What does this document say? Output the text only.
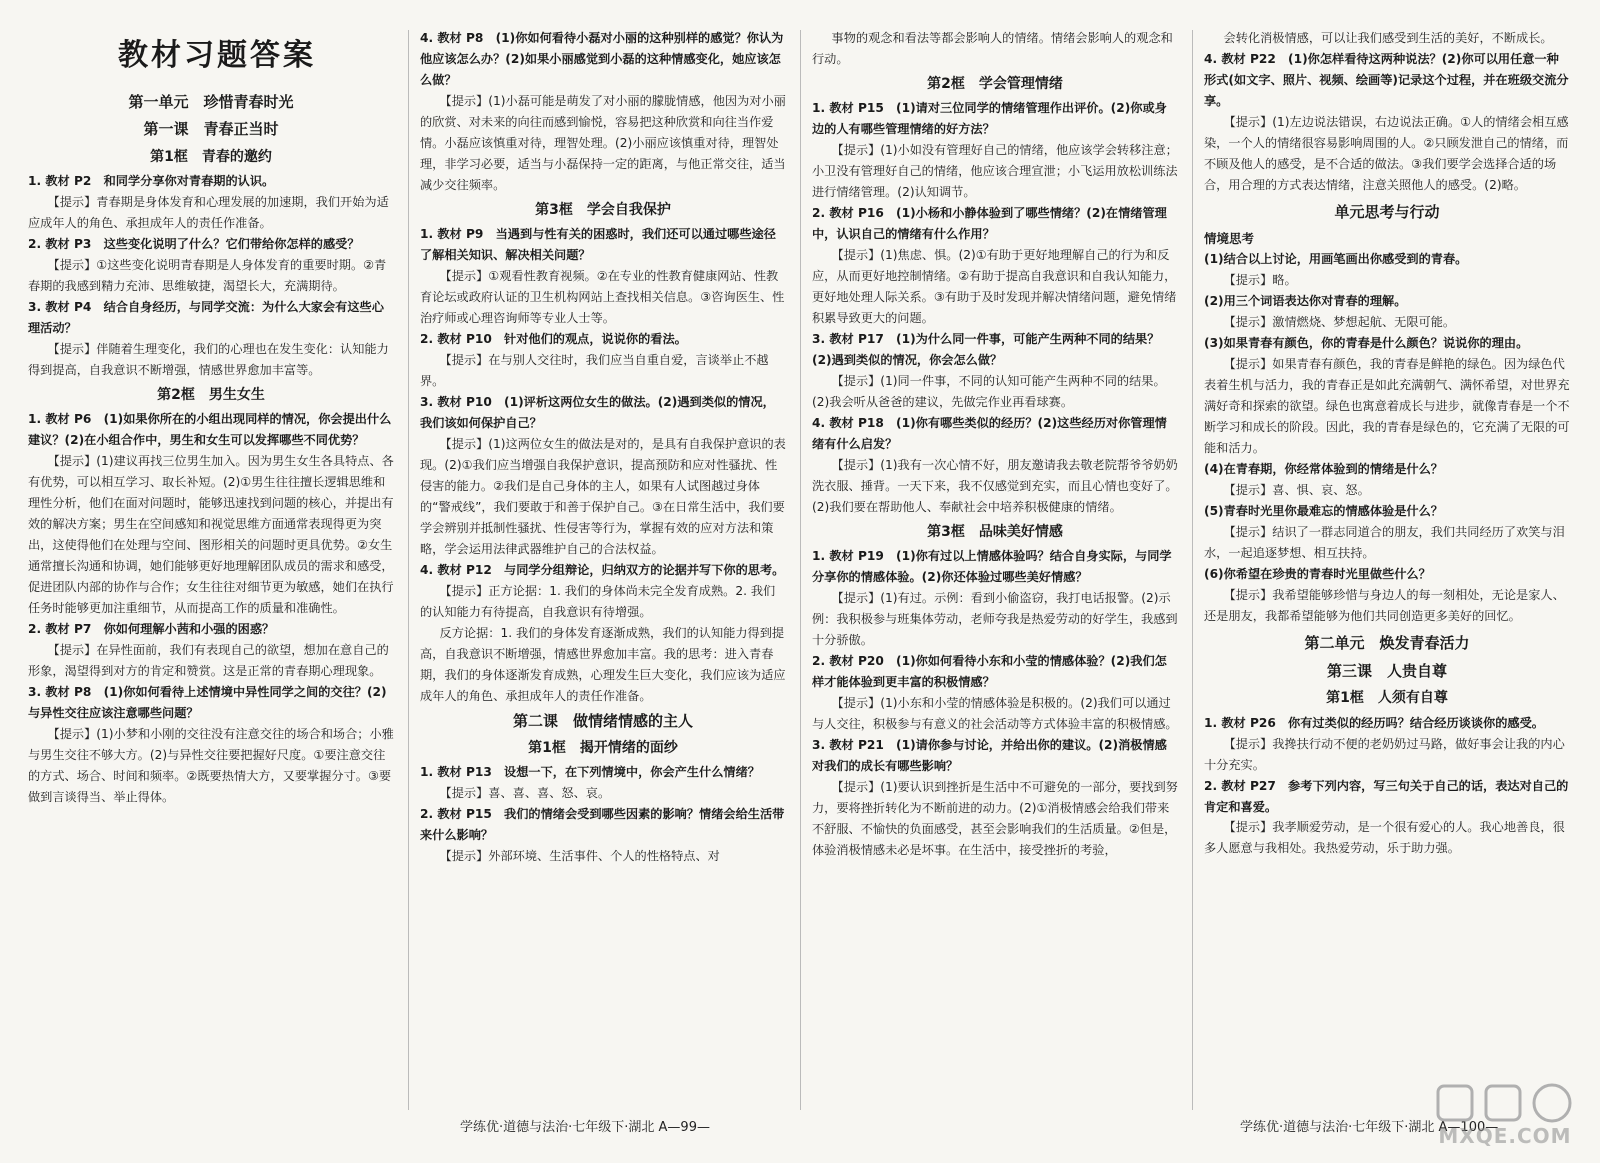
教材习题答案
第一单元　珍惜青春时光
第一课　青春正当时
第1框　青春的邀约
1. 教材 P2　和同学分享你对青春期的认识。
【提示】青春期是身体发育和心理发展的加速期，我们开始为适应成年人的角色、承担成年人的责任作准备。
2. 教材 P3　这些变化说明了什么？它们带给你怎样的感受？
【提示】①这些变化说明青春期是人身体发育的重要时期。②青春期的我感到精力充沛、思维敏捷，渴望长大，充满期待。
3. 教材 P4　结合自身经历，与同学交流：为什么大家会有这些心理活动？
【提示】伴随着生理变化，我们的心理也在发生变化：认知能力得到提高，自我意识不断增强，情感世界愈加丰富等。
第2框　男生女生
1. 教材 P6　(1)如果你所在的小组出现同样的情况，你会提出什么建议？(2)在小组合作中，男生和女生可以发挥哪些不同优势？
【提示】(1)建议再找三位男生加入。因为男生女生各具特点、各有优势，可以相互学习、取长补短。(2)①男生往往擅长逻辑思维和理性分析，他们在面对问题时，能够迅速找到问题的核心，并提出有效的解决方案；男生在空间感知和视觉思维方面通常表现得更为突出，这使得他们在处理与空间、图形相关的问题时更具优势。②女生通常擅长沟通和协调，她们能够更好地理解团队成员的需求和感受，促进团队内部的协作与合作；女生往往对细节更为敏感，她们在执行任务时能够更加注重细节，从而提高工作的质量和准确性。
2. 教材 P7　你如何理解小茜和小强的困惑？
【提示】在异性面前，我们有表现自己的欲望，想加在意自己的形象，渴望得到对方的肯定和赞赏。这是正常的青春期心理现象。
3. 教材 P8　(1)你如何看待上述情境中异性同学之间的交往？(2)与异性交往应该注意哪些问题？
【提示】(1)小梦和小刚的交往没有注意交往的场合和场合；小雅与男生交往不够大方。(2)与异性交往要把握好尺度。①要注意交往的方式、场合、时间和频率。②既要热情大方，又要掌握分寸。③要做到言谈得当、举止得体。
4. 教材 P8　(1)你如何看待小磊对小丽的这种别样的感觉？你认为他应该怎么办？(2)如果小丽感觉到小磊的这种情感变化，她应该怎么做？
【提示】(1)小磊可能是萌发了对小丽的朦胧情感，他因为对小丽的欣赏、对未来的向往而感到愉悦，容易把这种欣赏和向往当作爱情。小磊应该慎重对待，理智处理。(2)小丽应该慎重对待，理智处理，非学习必要，适当与小磊保持一定的距离，与他正常交往，适当减少交往频率。
第3框　学会自我保护
1. 教材 P9　当遇到与性有关的困惑时，我们还可以通过哪些途径了解相关知识、解决相关问题？
【提示】①观看性教育视频。②在专业的性教育健康网站、性教育论坛或政府认证的卫生机构网站上查找相关信息。③咨询医生、性治疗师或心理咨询师等专业人士等。
2. 教材 P10　针对他们的观点，说说你的看法。
【提示】在与别人交往时，我们应当自重自爱，言谈举止不越界。
3. 教材 P10　(1)评析这两位女生的做法。(2)遇到类似的情况，我们该如何保护自己？
【提示】(1)这两位女生的做法是对的，是具有自我保护意识的表现。(2)①我们应当增强自我保护意识，提高预防和应对性骚扰、性侵害的能力。②我们是自己身体的主人，如果有人试图越过身体的“警戒线”，我们要敢于和善于保护自己。③在日常生活中，我们要学会辨别并抵制性骚扰、性侵害等行为，掌握有效的应对方法和策略，学会运用法律武器维护自己的合法权益。
4. 教材 P12　与同学分组辩论，归纳双方的论据并写下你的思考。
【提示】正方论据：1. 我们的身体尚未完全发育成熟。2. 我们的认知能力有待提高，自我意识有待增强。
反方论据：1. 我们的身体发育逐渐成熟，我们的认知能力得到提高，自我意识不断增强，情感世界愈加丰富。我的思考：进入青春期，我们的身体逐渐发育成熟，心理发生巨大变化，我们应该为适应成年人的角色、承担成年人的责任作准备。
第二课　做情绪情感的主人
第1框　揭开情绪的面纱
1. 教材 P13　设想一下，在下列情境中，你会产生什么情绪？
【提示】喜、喜、喜、怒、哀。
2. 教材 P15　我们的情绪会受到哪些因素的影响？情绪会给生活带来什么影响？
【提示】外部环境、生活事件、个人的性格特点、对
事物的观念和看法等都会影响人的情绪。情绪会影响人的观念和行动。
第2框　学会管理情绪
1. 教材 P15　(1)请对三位同学的情绪管理作出评价。(2)你或身边的人有哪些管理情绪的好方法？
【提示】(1)小如没有管理好自己的情绪，他应该学会转移注意；小卫没有管理好自己的情绪，他应该合理宣泄；小飞运用放松训练法进行情绪管理。(2)认知调节。
2. 教材 P16　(1)小杨和小静体验到了哪些情绪？(2)在情绪管理中，认识自己的情绪有什么作用？
【提示】(1)焦虑、惧。(2)①有助于更好地理解自己的行为和反应，从而更好地控制情绪。②有助于提高自我意识和自我认知能力，更好地处理人际关系。③有助于及时发现并解决情绪问题，避免情绪积累导致更大的问题。
3. 教材 P17　(1)为什么同一件事，可能产生两种不同的结果？(2)遇到类似的情况，你会怎么做？
【提示】(1)同一件事，不同的认知可能产生两种不同的结果。(2)我会听从爸爸的建议，先做完作业再看球赛。
4. 教材 P18　(1)你有哪些类似的经历？(2)这些经历对你管理情绪有什么启发？
【提示】(1)我有一次心情不好，朋友邀请我去敬老院帮爷爷奶奶洗衣服、捶背。一天下来，我不仅感觉到充实，而且心情也变好了。(2)我们要在帮助他人、奉献社会中培养积极健康的情绪。
第3框　品味美好情感
1. 教材 P19　(1)你有过以上情感体验吗？结合自身实际，与同学分享你的情感体验。(2)你还体验过哪些美好情感？
【提示】(1)有过。示例：看到小偷盗窃，我打电话报警。(2)示例：我积极参与班集体劳动，老师夸我是热爱劳动的好学生，我感到十分骄傲。
2. 教材 P20　(1)你如何看待小东和小莹的情感体验？(2)我们怎样才能体验到更丰富的积极情感？
【提示】(1)小东和小莹的情感体验是积极的。(2)我们可以通过与人交往，积极参与有意义的社会活动等方式体验丰富的积极情感。
3. 教材 P21　(1)请你参与讨论，并给出你的建议。(2)消极情感对我们的成长有哪些影响？
【提示】(1)要认识到挫折是生活中不可避免的一部分，要找到努力，要将挫折转化为不断前进的动力。(2)①消极情感会给我们带来不舒服、不愉快的负面感受，甚至会影响我们的生活质量。②但是，体验消极情感未必是坏事。在生活中，接受挫折的考验，
会转化消极情感，可以让我们感受到生活的美好，不断成长。
4. 教材 P22　(1)你怎样看待这两种说法？(2)你可以用任意一种形式(如文字、照片、视频、绘画等)记录这个过程，并在班级交流分享。
【提示】(1)左边说法错误，右边说法正确。①人的情绪会相互感染，一个人的情绪很容易影响周围的人。②只顾发泄自己的情绪，而不顾及他人的感受，是不合适的做法。③我们要学会选择合适的场合，用合理的方式表达情绪，注意关照他人的感受。(2)略。
单元思考与行动
情境思考
(1)结合以上讨论，用画笔画出你感受到的青春。
【提示】略。
(2)用三个词语表达你对青春的理解。
【提示】激情燃烧、梦想起航、无限可能。
(3)如果青春有颜色，你的青春是什么颜色？说说你的理由。
【提示】如果青春有颜色，我的青春是鲜艳的绿色。因为绿色代表着生机与活力，我的青春正是如此充满朝气、满怀希望，对世界充满好奇和探索的欲望。绿色也寓意着成长与进步，就像青春是一个不断学习和成长的阶段。因此，我的青春是绿色的，它充满了无限的可能和活力。
(4)在青春期，你经常体验到的情绪是什么？
【提示】喜、惧、哀、怒。
(5)青春时光里你最难忘的情感体验是什么？
【提示】结识了一群志同道合的朋友，我们共同经历了欢笑与泪水，一起追逐梦想、相互扶持。
(6)你希望在珍贵的青春时光里做些什么？
【提示】我希望能够珍惜与身边人的每一刻相处，无论是家人、还是朋友，我都希望能够为他们共同创造更多美好的回忆。
第二单元　焕发青春活力
第三课　人贵自尊
第1框　人须有自尊
1. 教材 P26　你有过类似的经历吗？结合经历谈谈你的感受。
【提示】我搀扶行动不便的老奶奶过马路，做好事会让我的内心十分充实。
2. 教材 P27　参考下列内容，写三句关于自己的话，表达对自己的肯定和喜爱。
【提示】我孝顺爱劳动，是一个很有爱心的人。我心地善良，很多人愿意与我相处。我热爱劳动，乐于助力强。
学练优·道德与法治·七年级下·湖北 A—99—	学练优·道德与法治·七年级下·湖北 A—100—
MXQE.COM
